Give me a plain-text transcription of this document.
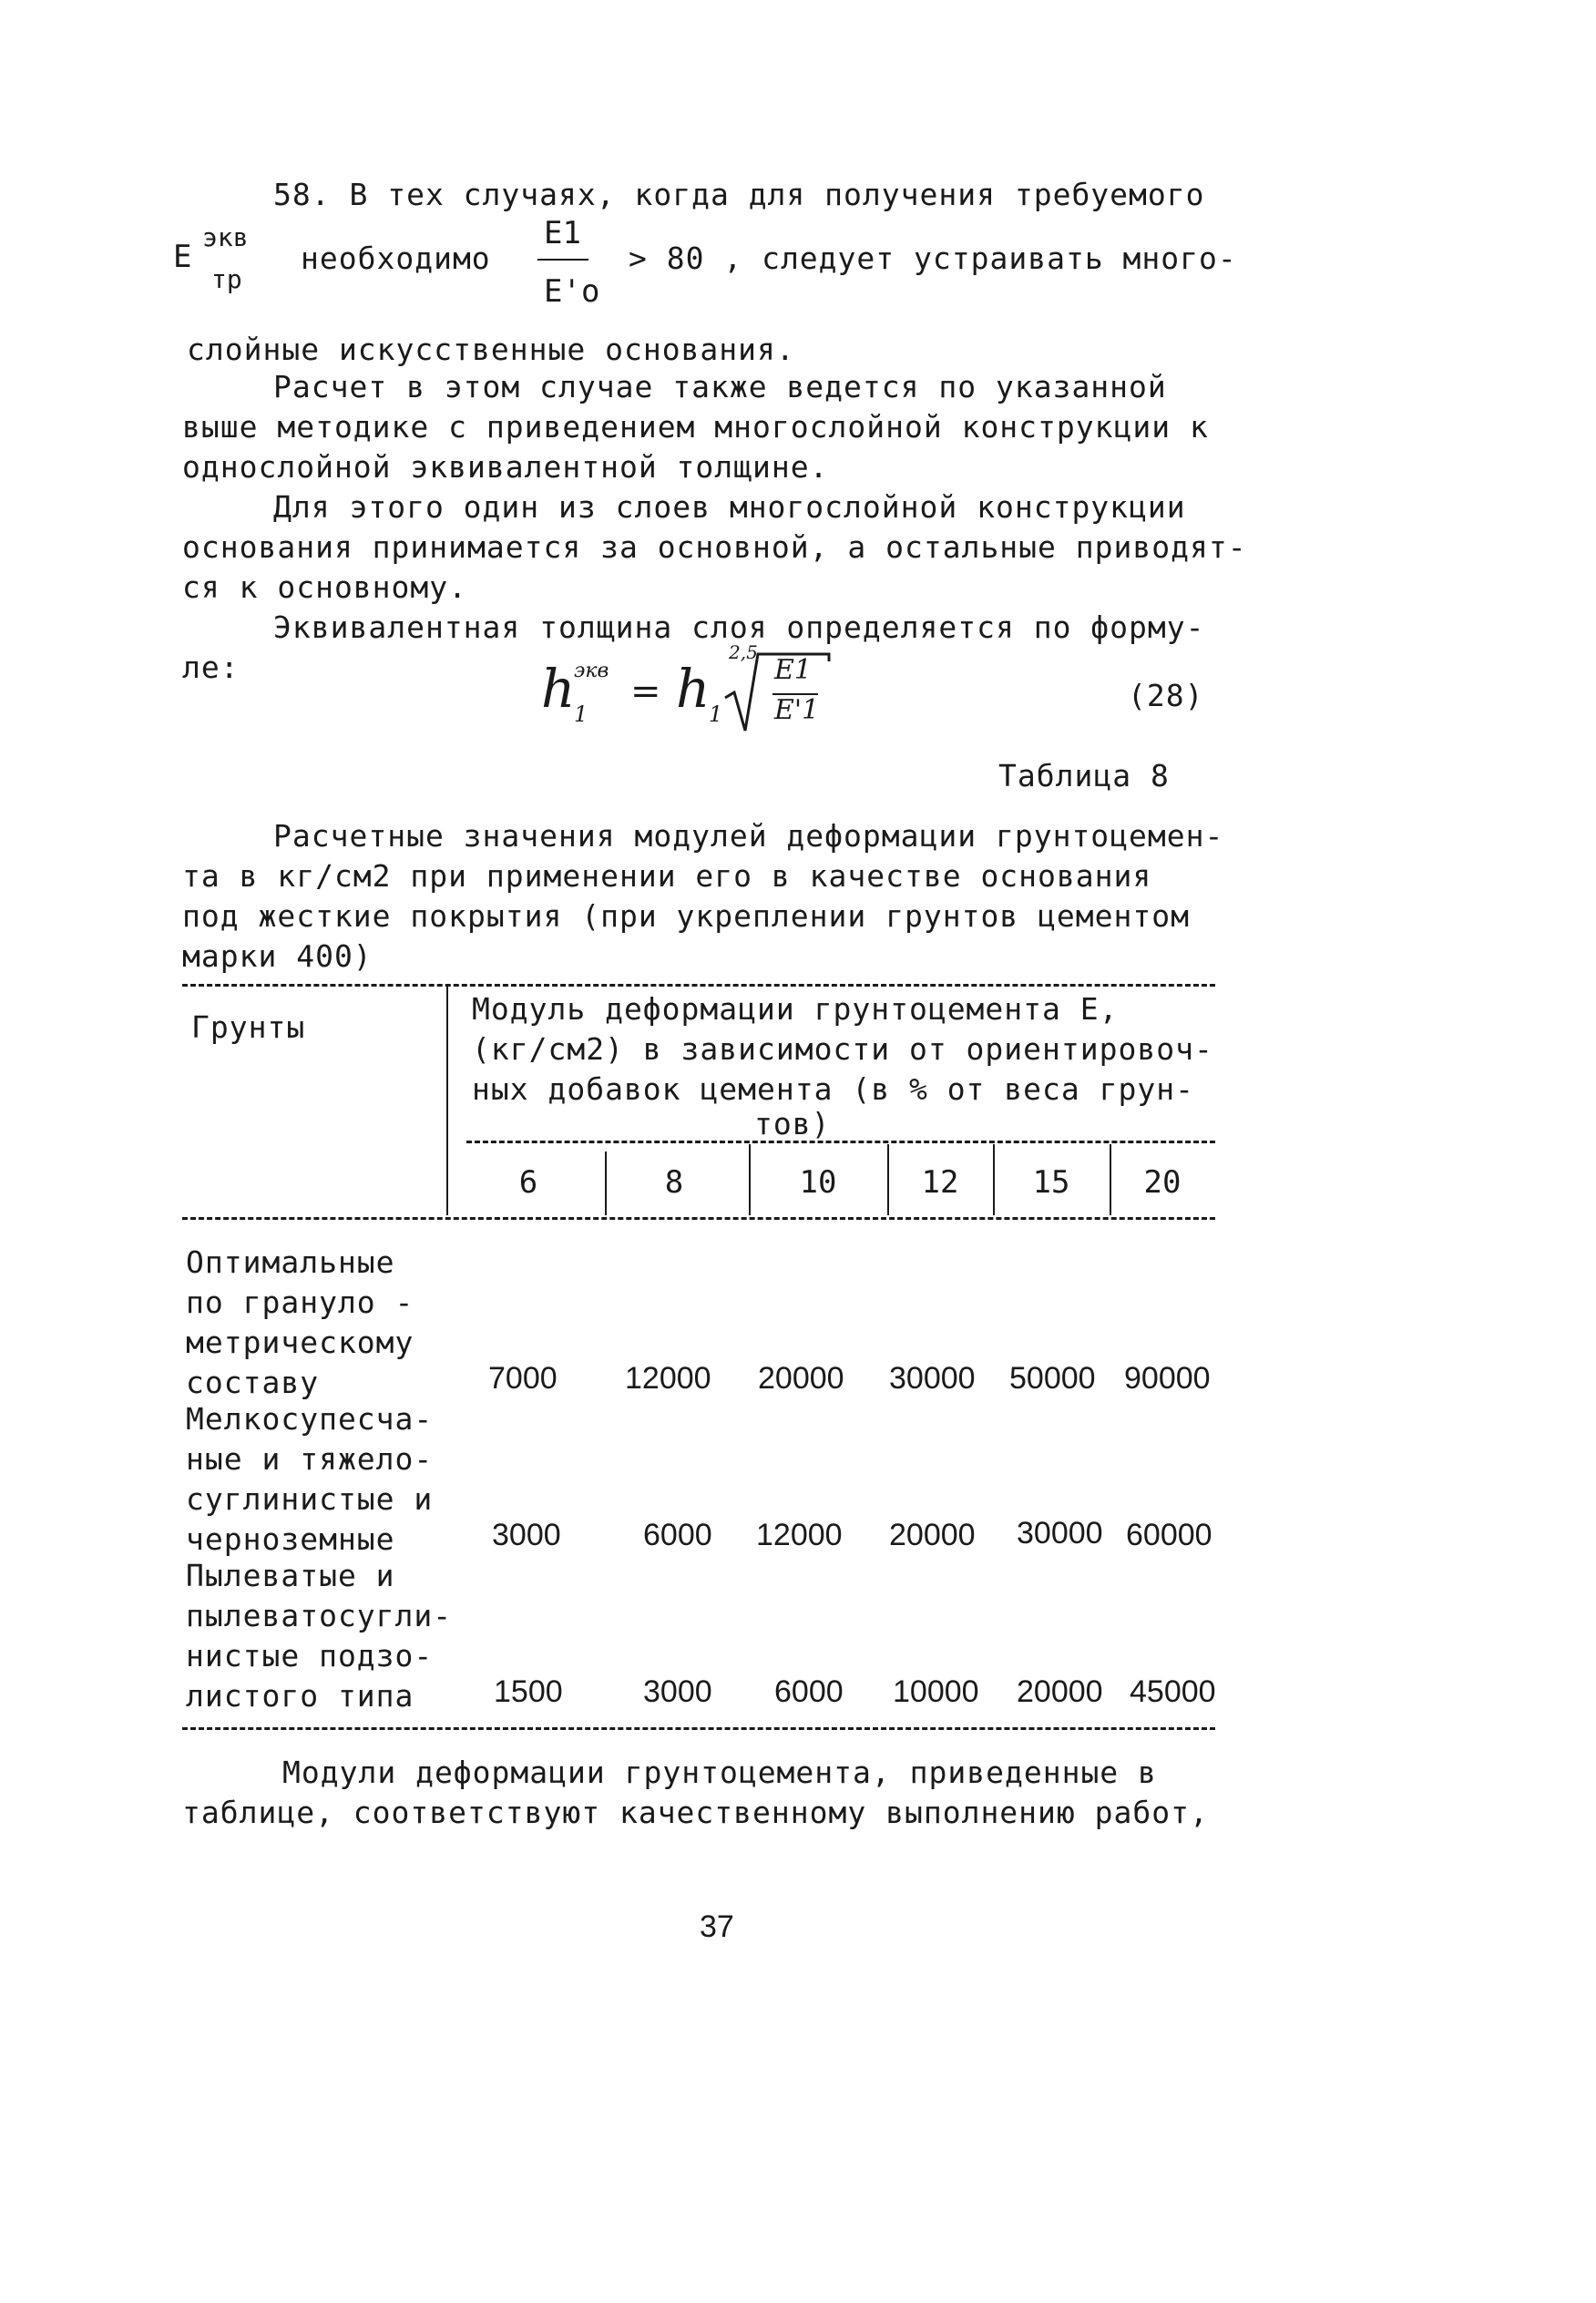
58. В тех случаях, когда для получения требуемого
Е
экв
тр
необходимо
Е1
Е'о
> 80 , следует устраивать много-
слойные искусственные основания.
Расчет в этом случае также ведется по указанной
выше методике с приведением многослойной конструкции к
однослойной эквивалентной толщине.
Для этого один из слоев многослойной конструкции
основания принимается за основной, а остальные приводят-
ся к основному.
Эквивалентная толщина слоя определяется по форму-
ле:	h
1
экв = h
1
2,5
Е1
Е'1	(28)
Таблица 8
Расчетные значения модулей деформации грунтоцемен-
та в кг/см2 при применении его в качестве основания
под жесткие покрытия (при укреплении грунтов цементом
марки 400)
Грунты
Модуль деформации грунтоцемента Е,
(кг/см2) в зависимости от ориентировоч-
ных добавок цемента (в % от веса грун-
тов)
6	8	10	12	15	20
Оптимальные
по грануло -
метрическому
составу	7000 12000 20000 30000 50000 90000
Мелкосупесча-
ные и тяжело-
суглинистые и
черноземные	3000	6000 12000 20000 30000 60000
Пылеватые и
пылеватосугли-
нистые подзо-
листого типа	1500	3000 6000 10000 20000 45000
Модули деформации грунтоцемента, приведенные в
таблице, соответствуют качественному выполнению работ,
37
